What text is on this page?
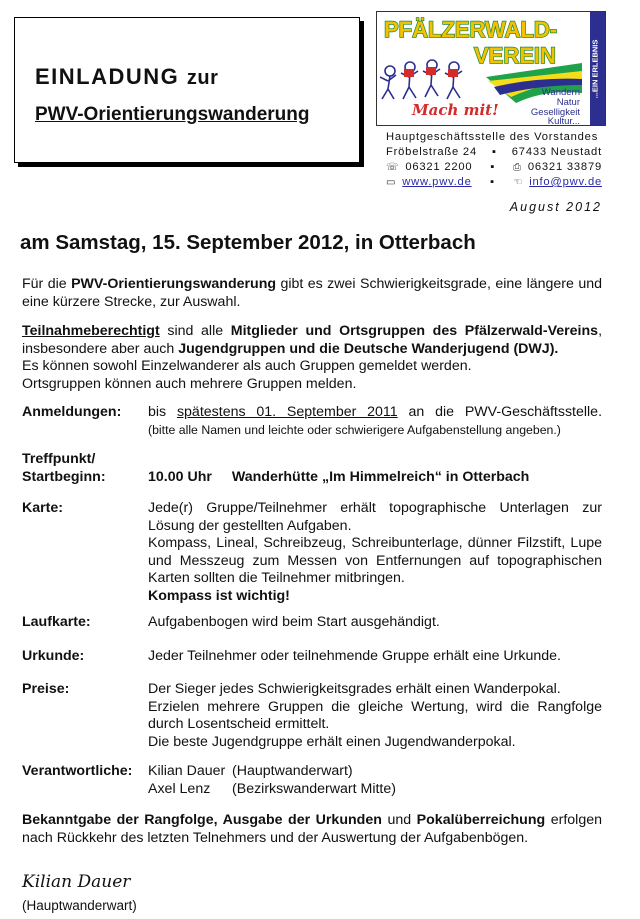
EINLADUNG zur
PWV-Orientierungswanderung
...EIN ERLEBNIS
PFÄLZERWALD-
VEREIN
Mach mit!
Wandern
Natur
Geselligkeit
Kultur...
Hauptgeschäftsstelle des Vorstandes
Fröbelstraße 24 ▪ 67433 Neustadt
☏ 06321 2200 ▪ ⎙ 06321 33879
▭ www.pwv.de ▪ ☜ info@pwv.de
August 2012
am Samstag, 15. September 2012, in Otterbach
Für die PWV-Orientierungswanderung gibt es zwei Schwierigkeitsgrade, eine längere und eine kürzere Strecke, zur Auswahl.
Teilnahmeberechtigt sind alle Mitglieder und Ortsgruppen des Pfälzerwald-Vereins, insbesondere aber auch Jugendgruppen und die Deutsche Wanderjugend (DWJ).
Es können sowohl Einzelwanderer als auch Gruppen gemeldet werden.
Ortsgruppen können auch mehrere Gruppen melden.
Anmeldungen: bis spätestens 01. September 2011 an die PWV-Geschäftsstelle.
(bitte alle Namen und leichte oder schwierigere Aufgabenstellung angeben.)
Treffpunkt/
Startbeginn:	10.00 Uhr Wanderhütte „Im Himmelreich“ in Otterbach
Karte:	Jede(r) Gruppe/Teilnehmer erhält topographische Unterlagen zur Lösung der gestellten Aufgaben.
Kompass, Lineal, Schreibzeug, Schreibunterlage, dünner Filzstift, Lupe und Messzeug zum Messen von Entfernungen auf topographischen Karten sollten die Teilnehmer mitbringen.
Kompass ist wichtig!
Laufkarte:	Aufgabenbogen wird beim Start ausgehändigt.
Urkunde:	Jeder Teilnehmer oder teilnehmende Gruppe erhält eine Urkunde.
Preise:	Der Sieger jedes Schwierigkeitsgrades erhält einen Wanderpokal.
Erzielen mehrere Gruppen die gleiche Wertung, wird die Rangfolge durch Losentscheid ermittelt.
Die beste Jugendgruppe erhält einen Jugendwanderpokal.
Verantwortliche: Kilian Dauer (Hauptwanderwart)
Axel Lenz (Bezirkswanderwart Mitte)
Bekanntgabe der Rangfolge, Ausgabe der Urkunden und Pokalüberreichung erfolgen nach Rückkehr des letzten Telnehmers und der Auswertung der Aufgabenbögen.
Kilian Dauer
(Hauptwanderwart)
